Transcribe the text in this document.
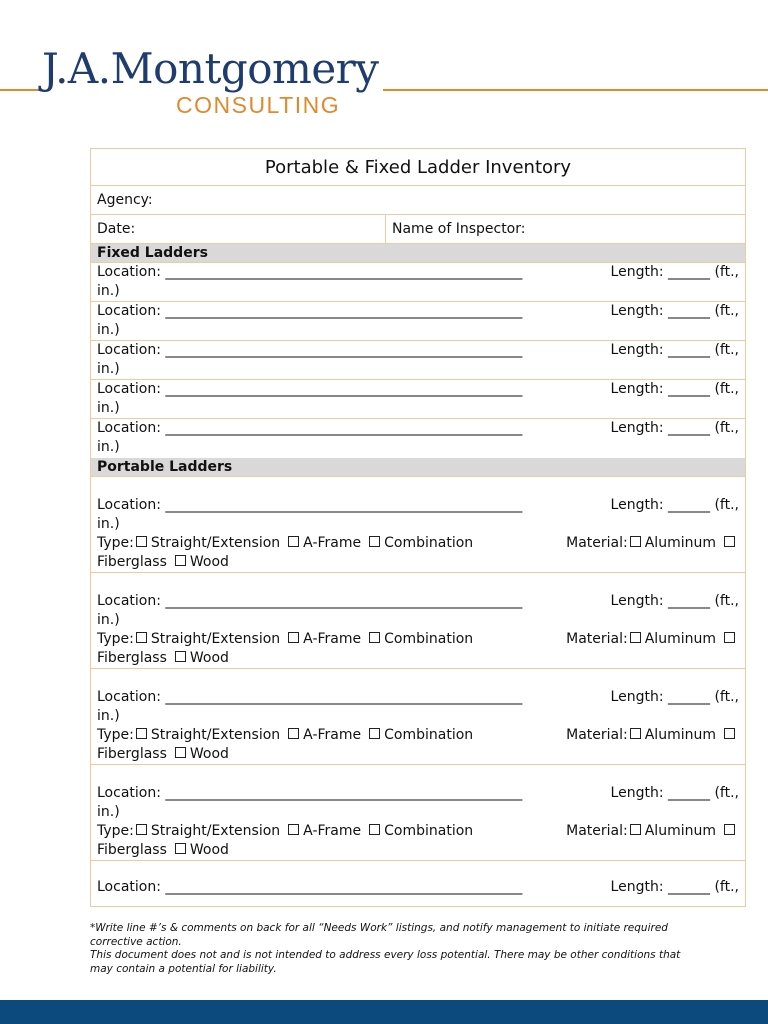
J.A.Montgomery
CONSULTING
Portable & Fixed Ladder Inventory
Agency:
Date:	Name of Inspector:
Fixed Ladders
Location: ___________________________________________________	Length: ______ (ft.,
in.)
Location: ___________________________________________________	Length: ______ (ft.,
in.)
Location: ___________________________________________________	Length: ______ (ft.,
in.)
Location: ___________________________________________________	Length: ______ (ft.,
in.)
Location: ___________________________________________________	Length: ______ (ft.,
in.)
Portable Ladders
Location: ___________________________________________________	Length: ______ (ft.,
in.)
Type: Straight/Extension A-Frame Combination	Material: Aluminum
Fiberglass Wood
Location: ___________________________________________________	Length: ______ (ft.,
in.)
Type: Straight/Extension A-Frame Combination	Material: Aluminum
Fiberglass Wood
Location: ___________________________________________________	Length: ______ (ft.,
in.)
Type: Straight/Extension A-Frame Combination	Material: Aluminum
Fiberglass Wood
Location: ___________________________________________________	Length: ______ (ft.,
in.)
Type: Straight/Extension A-Frame Combination	Material: Aluminum
Fiberglass Wood
Location: ___________________________________________________	Length: ______ (ft.,
*Write line #’s & comments on back for all “Needs Work” listings, and notify management to initiate required corrective action.
This document does not and is not intended to address every loss potential. There may be other conditions that may contain a potential for liability.
